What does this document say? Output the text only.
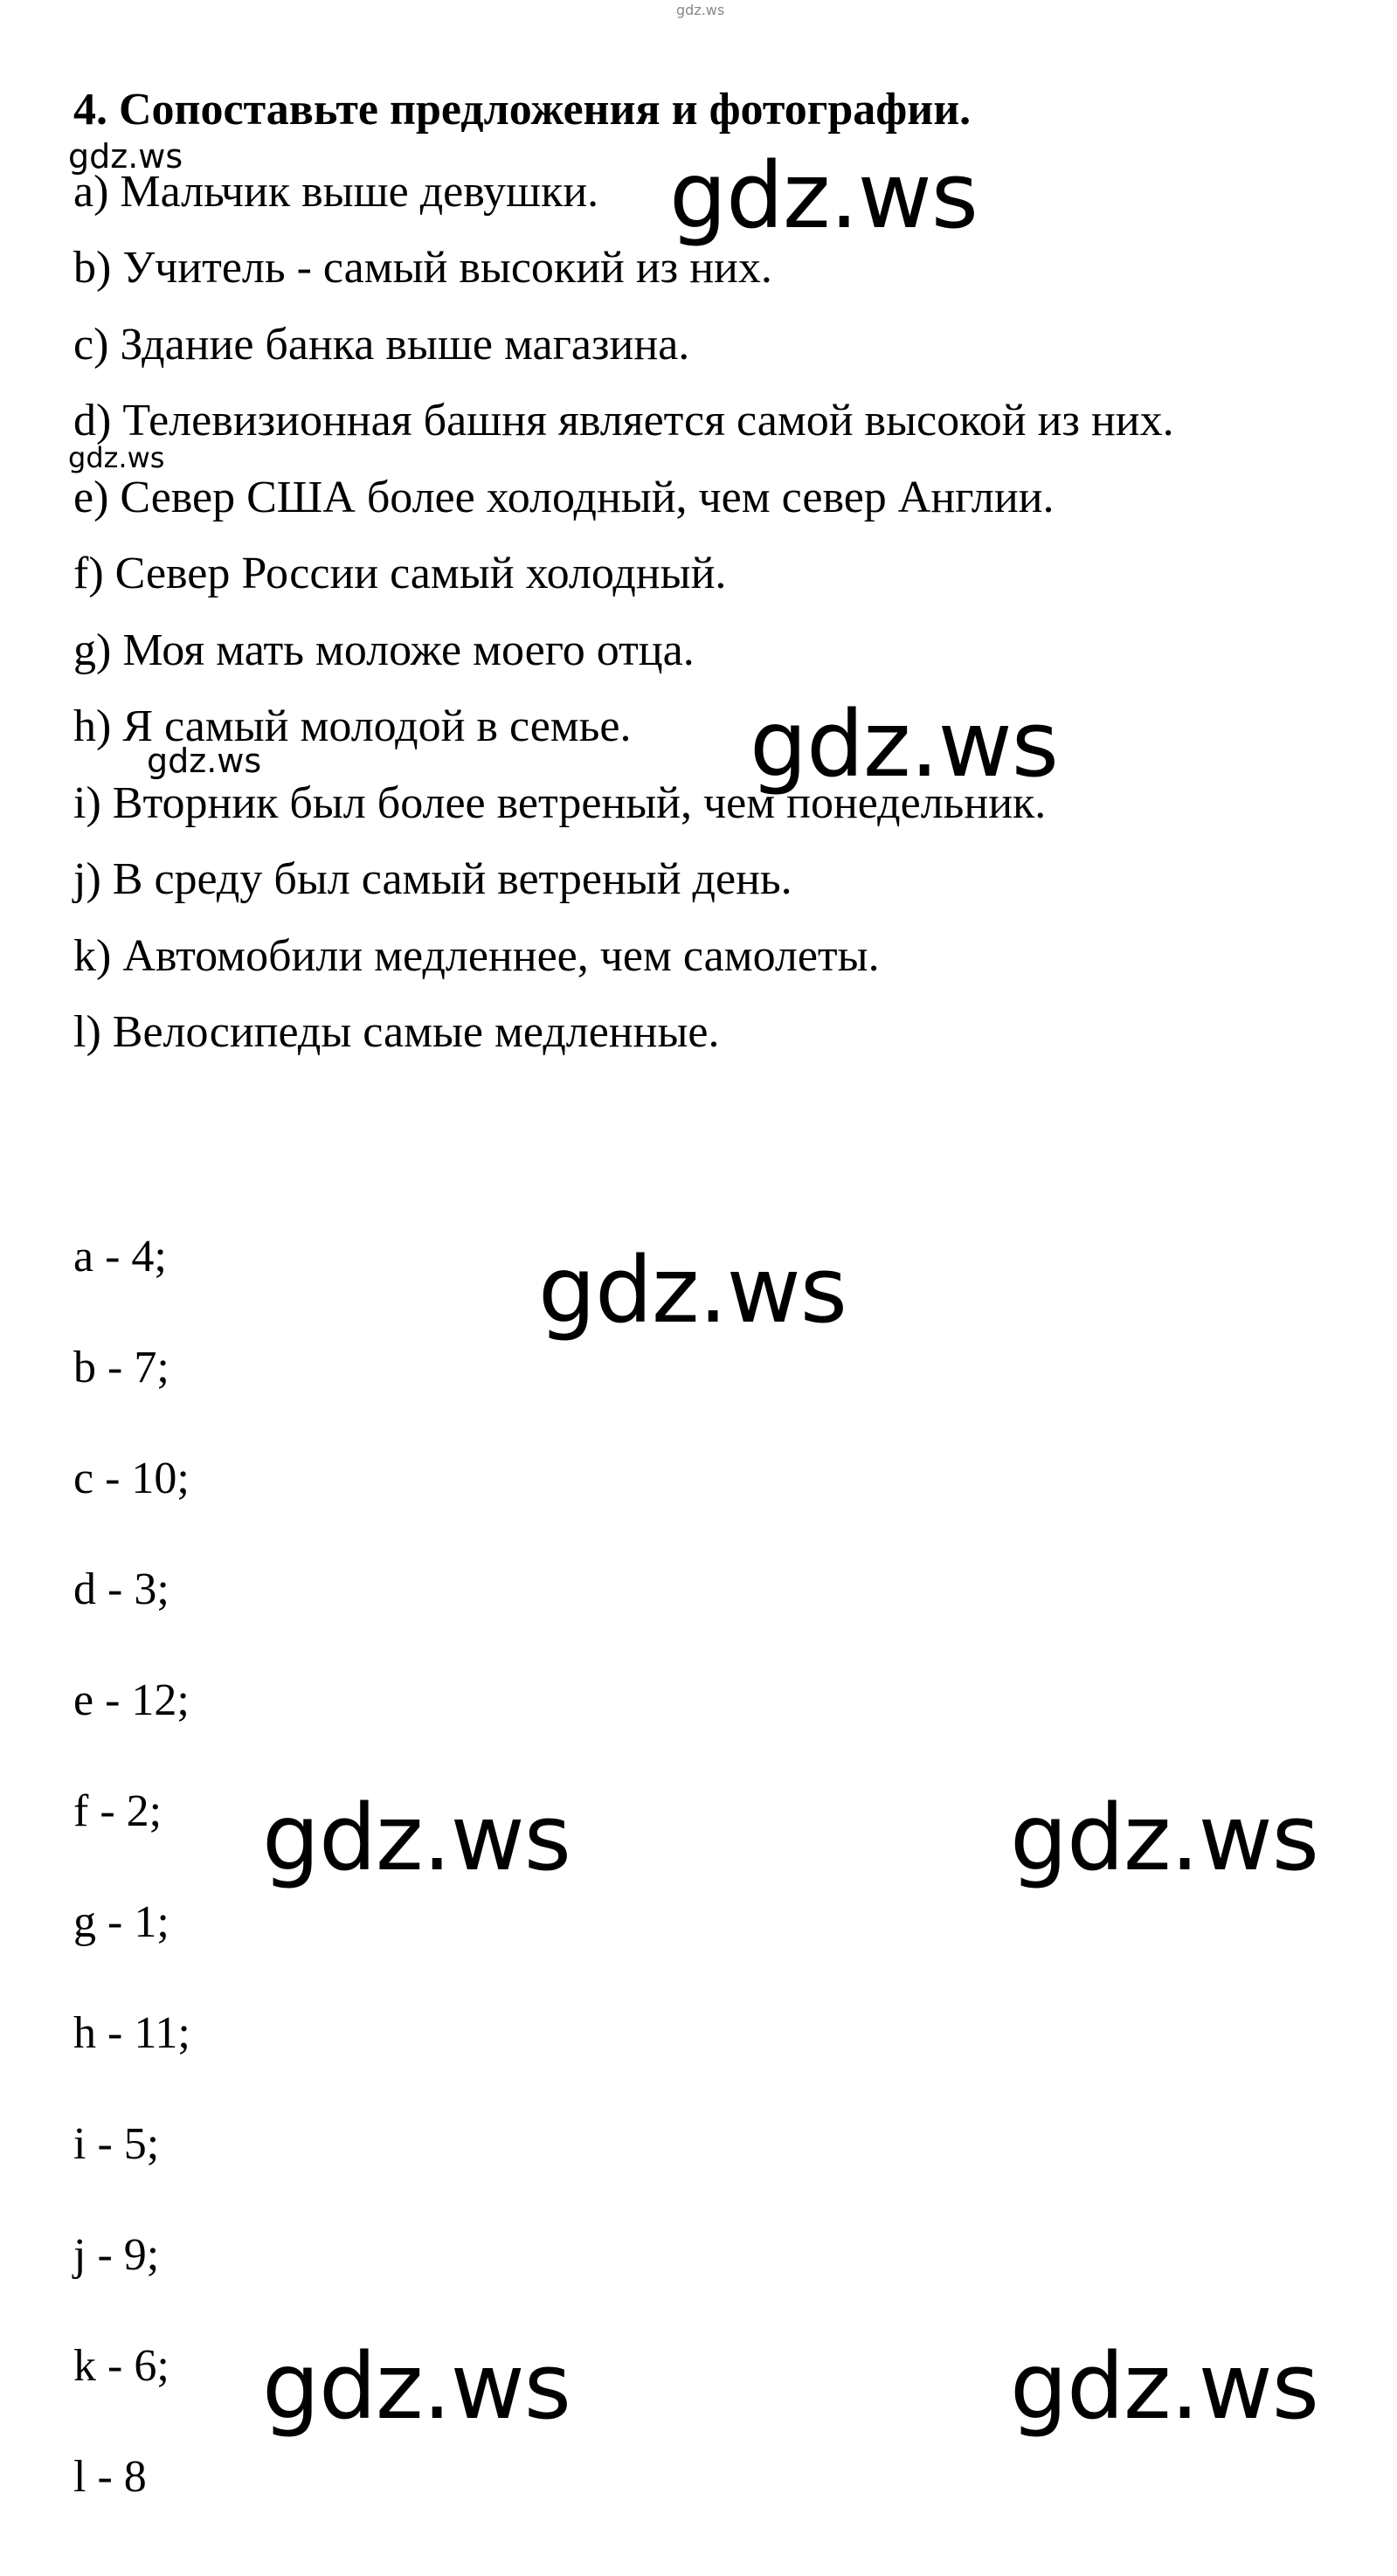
gdz.ws
4. Сопоставьте предложения и фотографии.
a) Мальчик выше девушки.
b) Учитель - самый высокий из них.
c) Здание банка выше магазина.
d) Телевизионная башня является самой высокой из них.
e) Север США более холодный, чем север Англии.
f) Север России самый холодный.
g) Моя мать моложе моего отца.
h) Я самый молодой в семье.
i) Вторник был более ветреный, чем понедельник.
j) В среду был самый ветреный день.
k) Автомобили медленнее, чем самолеты.
l) Велосипеды самые медленные.
a - 4;
b - 7;
c - 10;
d - 3;
e - 12;
f - 2;
g - 1;
h - 11;
i - 5;
j - 9;
k - 6;
l - 8
gdz.ws	gdz.ws
gdz.ws
gdz.ws
gdz.ws
gdz.ws
gdz.ws	gdz.ws
gdz.ws	gdz.ws
